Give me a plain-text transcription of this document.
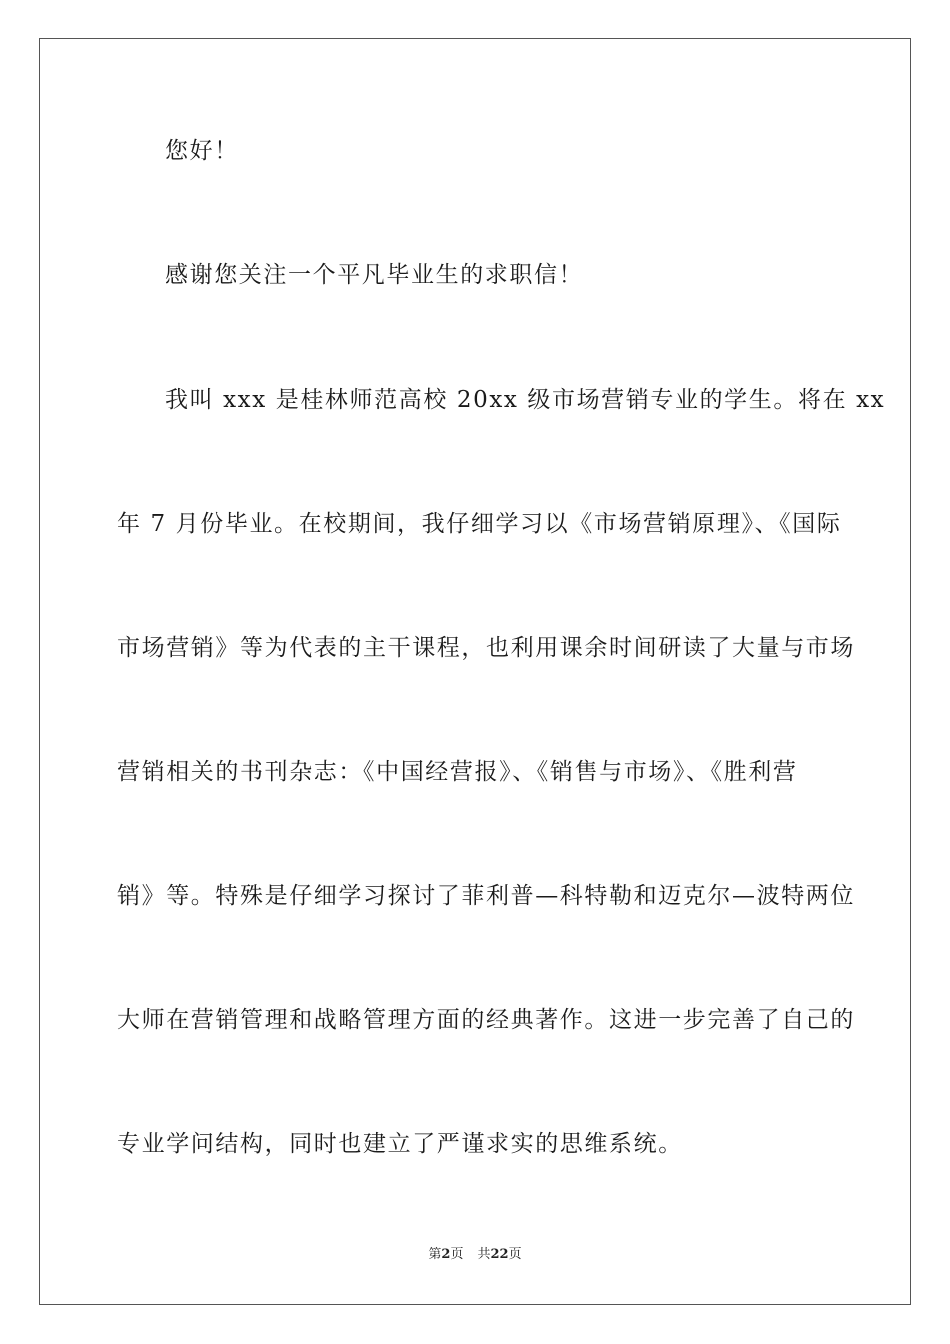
您好！

感谢您关注一个平凡毕业生的求职信！

我叫 xxx 是桂林师范高校 20xx 级市场营销专业的学生。将在 xx

年 7 月份毕业。在校期间，我仔细学习以《市场营销原理》、《国际

市场营销》等为代表的主干课程，也利用课余时间研读了大量与市场

营销相关的书刊杂志：《中国经营报》、《销售与市场》、《胜利营

销》等。特殊是仔细学习探讨了菲利普—科特勒和迈克尔—波特两位

大师在营销管理和战略管理方面的经典著作。这进一步完善了自己的

专业学问结构，同时也建立了严谨求实的思维系统。

第2页 共22页
